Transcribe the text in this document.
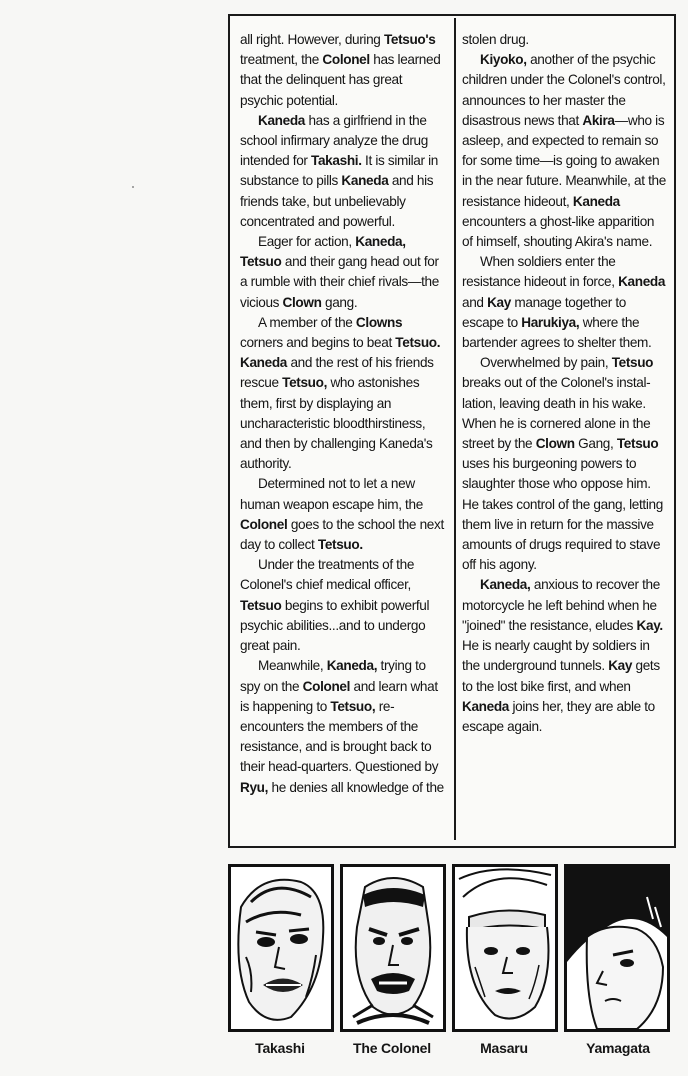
all right. However, during Tetsuo's treatment, the Colonel has learned that the delinquent has great psychic potential.

Kaneda has a girlfriend in the school infirmary analyze the drug intended for Takashi. It is similar in substance to pills Kaneda and his friends take, but unbelievably concentrated and powerful.

Eager for action, Kaneda, Tetsuo and their gang head out for a rumble with their chief rivals—the vicious Clown gang.

A member of the Clowns corners and begins to beat Tetsuo. Kaneda and the rest of his friends rescue Tetsuo, who astonishes them, first by displaying an uncharacteristic bloodthirstiness, and then by challenging Kaneda's authority.

Determined not to let a new human weapon escape him, the Colonel goes to the school the next day to collect Tetsuo.

Under the treatments of the Colonel's chief medical officer, Tetsuo begins to exhibit powerful psychic abilities...and to undergo great pain.

Meanwhile, Kaneda, trying to spy on the Colonel and learn what is happening to Tetsuo, re-encounters the members of the resistance, and is brought back to their head-quarters. Questioned by Ryu, he denies all knowledge of the

stolen drug.

Kiyoko, another of the psychic children under the Colonel's control, announces to her master the disastrous news that Akira—who is asleep, and expected to remain so for some time—is going to awaken in the near future. Meanwhile, at the resistance hideout, Kaneda encounters a ghost-like apparition of himself, shouting Akira's name.

When soldiers enter the resistance hideout in force, Kaneda and Kay manage together to escape to Harukiya, where the bartender agrees to shelter them.

Overwhelmed by pain, Tetsuo breaks out of the Colonel's instal-lation, leaving death in his wake. When he is cornered alone in the street by the Clown Gang, Tetsuo uses his burgeoning powers to slaughter those who oppose him. He takes control of the gang, letting them live in return for the massive amounts of drugs required to stave off his agony.

Kaneda, anxious to recover the motorcycle he left behind when he "joined" the resistance, eludes Kay. He is nearly caught by soldiers in the underground tunnels. Kay gets to the lost bike first, and when Kaneda joins her, they are able to escape again.

Takashi	The Colonel	Masaru	Yamagata
